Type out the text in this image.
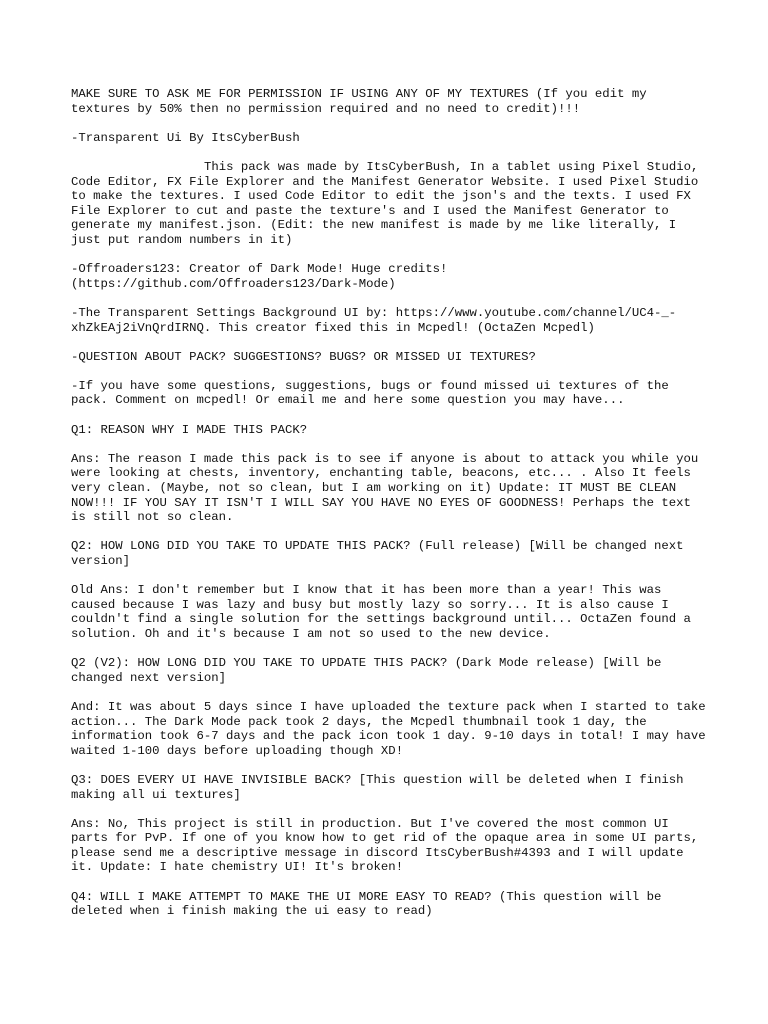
MAKE SURE TO ASK ME FOR PERMISSION IF USING ANY OF MY TEXTURES (If you edit my textures by 50% then no permission required and no need to credit)!!!

-Transparent Ui By ItsCyberBush

This pack was made by ItsCyberBush, In a tablet using Pixel Studio, Code Editor, FX File Explorer and the Manifest Generator Website. I used Pixel Studio to make the textures. I used Code Editor to edit the json's and the texts. I used FX File Explorer to cut and paste the texture's and I used the Manifest Generator to generate my manifest.json. (Edit: the new manifest is made by me like literally, I just put random numbers in it)

-Offroaders123: Creator of Dark Mode! Huge credits! (https://github.com/Offroaders123/Dark-Mode)

-The Transparent Settings Background UI by: https://www.youtube.com/channel/UC4-_-xhZkEAj2iVnQrdIRNQ. This creator fixed this in Mcpedl! (OctaZen Mcpedl)

-QUESTION ABOUT PACK? SUGGESTIONS? BUGS? OR MISSED UI TEXTURES?

-If you have some questions, suggestions, bugs or found missed ui textures of the pack. Comment on mcpedl! Or email me and here some question you may have...

Q1: REASON WHY I MADE THIS PACK?

Ans: The reason I made this pack is to see if anyone is about to attack you while you were looking at chests, inventory, enchanting table, beacons, etc... . Also It feels very clean. (Maybe, not so clean, but I am working on it) Update: IT MUST BE CLEAN NOW!!! IF YOU SAY IT ISN'T I WILL SAY YOU HAVE NO EYES OF GOODNESS! Perhaps the text is still not so clean.

Q2: HOW LONG DID YOU TAKE TO UPDATE THIS PACK? (Full release) [Will be changed next version]

Old Ans: I don't remember but I know that it has been more than a year! This was caused because I was lazy and busy but mostly lazy so sorry... It is also cause I couldn't find a single solution for the settings background until... OctaZen found a solution. Oh and it's because I am not so used to the new device.

Q2 (V2): HOW LONG DID YOU TAKE TO UPDATE THIS PACK? (Dark Mode release) [Will be changed next version]

And: It was about 5 days since I have uploaded the texture pack when I started to take action... The Dark Mode pack took 2 days, the Mcpedl thumbnail took 1 day, the information took 6-7 days and the pack icon took 1 day. 9-10 days in total! I may have waited 1-100 days before uploading though XD!

Q3: DOES EVERY UI HAVE INVISIBLE BACK? [This question will be deleted when I finish making all ui textures]

Ans: No, This project is still in production. But I've covered the most common UI parts for PvP. If one of you know how to get rid of the opaque area in some UI parts, please send me a descriptive message in discord ItsCyberBush#4393 and I will update it. Update: I hate chemistry UI! It's broken!

Q4: WILL I MAKE ATTEMPT TO MAKE THE UI MORE EASY TO READ? (This question will be deleted when i finish making the ui easy to read)
